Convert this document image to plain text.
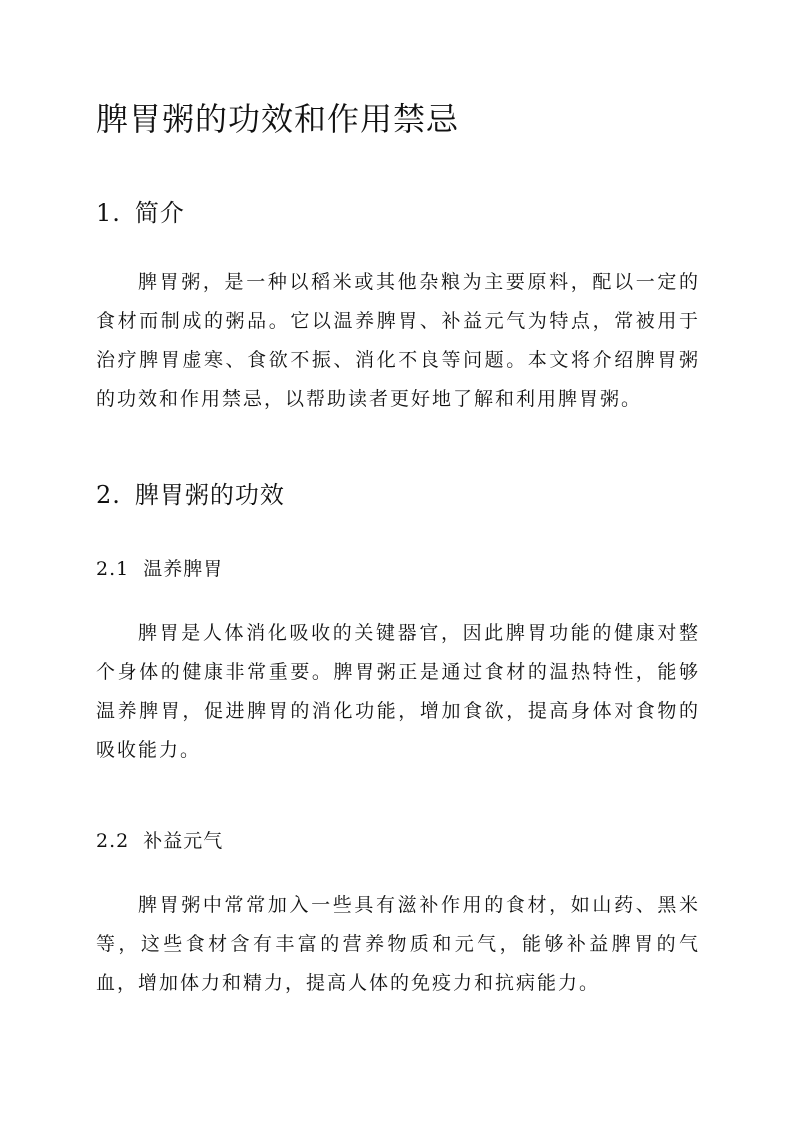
脾胃粥的功效和作用禁忌
1. 简介

脾胃粥，是一种以稻米或其他杂粮为主要原料，配以一定的食材而制成的粥品。它以温养脾胃、补益元气为特点，常被用于治疗脾胃虚寒、食欲不振、消化不良等问题。本文将介绍脾胃粥的功效和作用禁忌，以帮助读者更好地了解和利用脾胃粥。

2. 脾胃粥的功效
2.1 温养脾胃

脾胃是人体消化吸收的关键器官，因此脾胃功能的健康对整个身体的健康非常重要。脾胃粥正是通过食材的温热特性，能够温养脾胃，促进脾胃的消化功能，增加食欲，提高身体对食物的吸收能力。

2.2 补益元气

脾胃粥中常常加入一些具有滋补作用的食材，如山药、黑米等，这些食材含有丰富的营养物质和元气，能够补益脾胃的气血，增加体力和精力，提高人体的免疫力和抗病能力。
